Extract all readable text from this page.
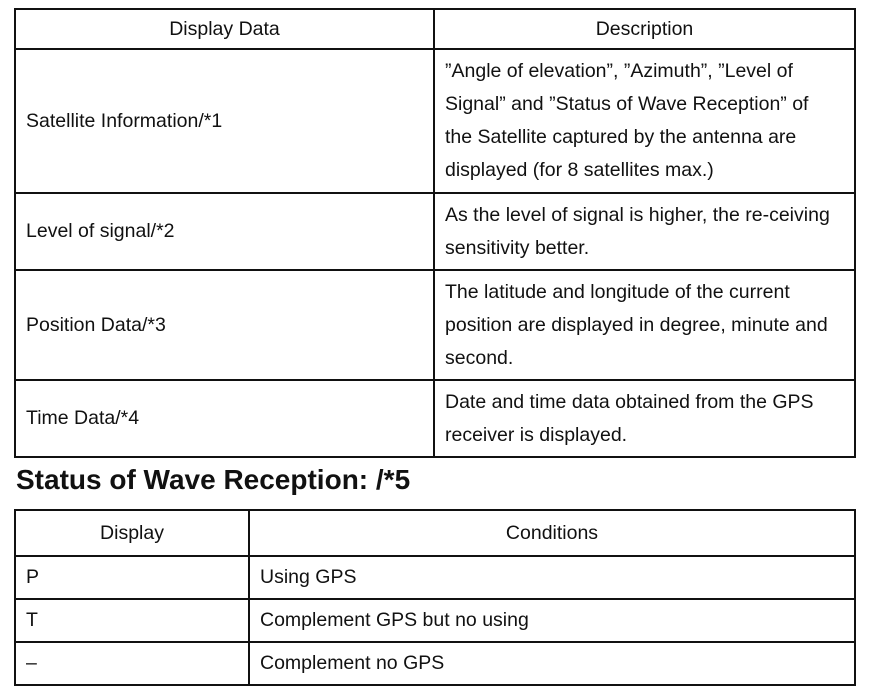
Display Data	Description
Satellite Information/*1	”Angle of elevation”, ”Azimuth”, ”Level of Signal” and ”Status of Wave Reception” of the Satellite captured by the antenna are displayed (for 8 satellites max.)
Level of signal/*2	As the level of signal is higher, the re-ceiving sensitivity better.
Position Data/*3	The latitude and longitude of the current position are displayed in degree, minute and second.
Time Data/*4	Date and time data obtained from the GPS receiver is displayed.
Status of Wave Reception: /*5
Display	Conditions
P	Using GPS
T	Complement GPS but no using
–	Complement no GPS
